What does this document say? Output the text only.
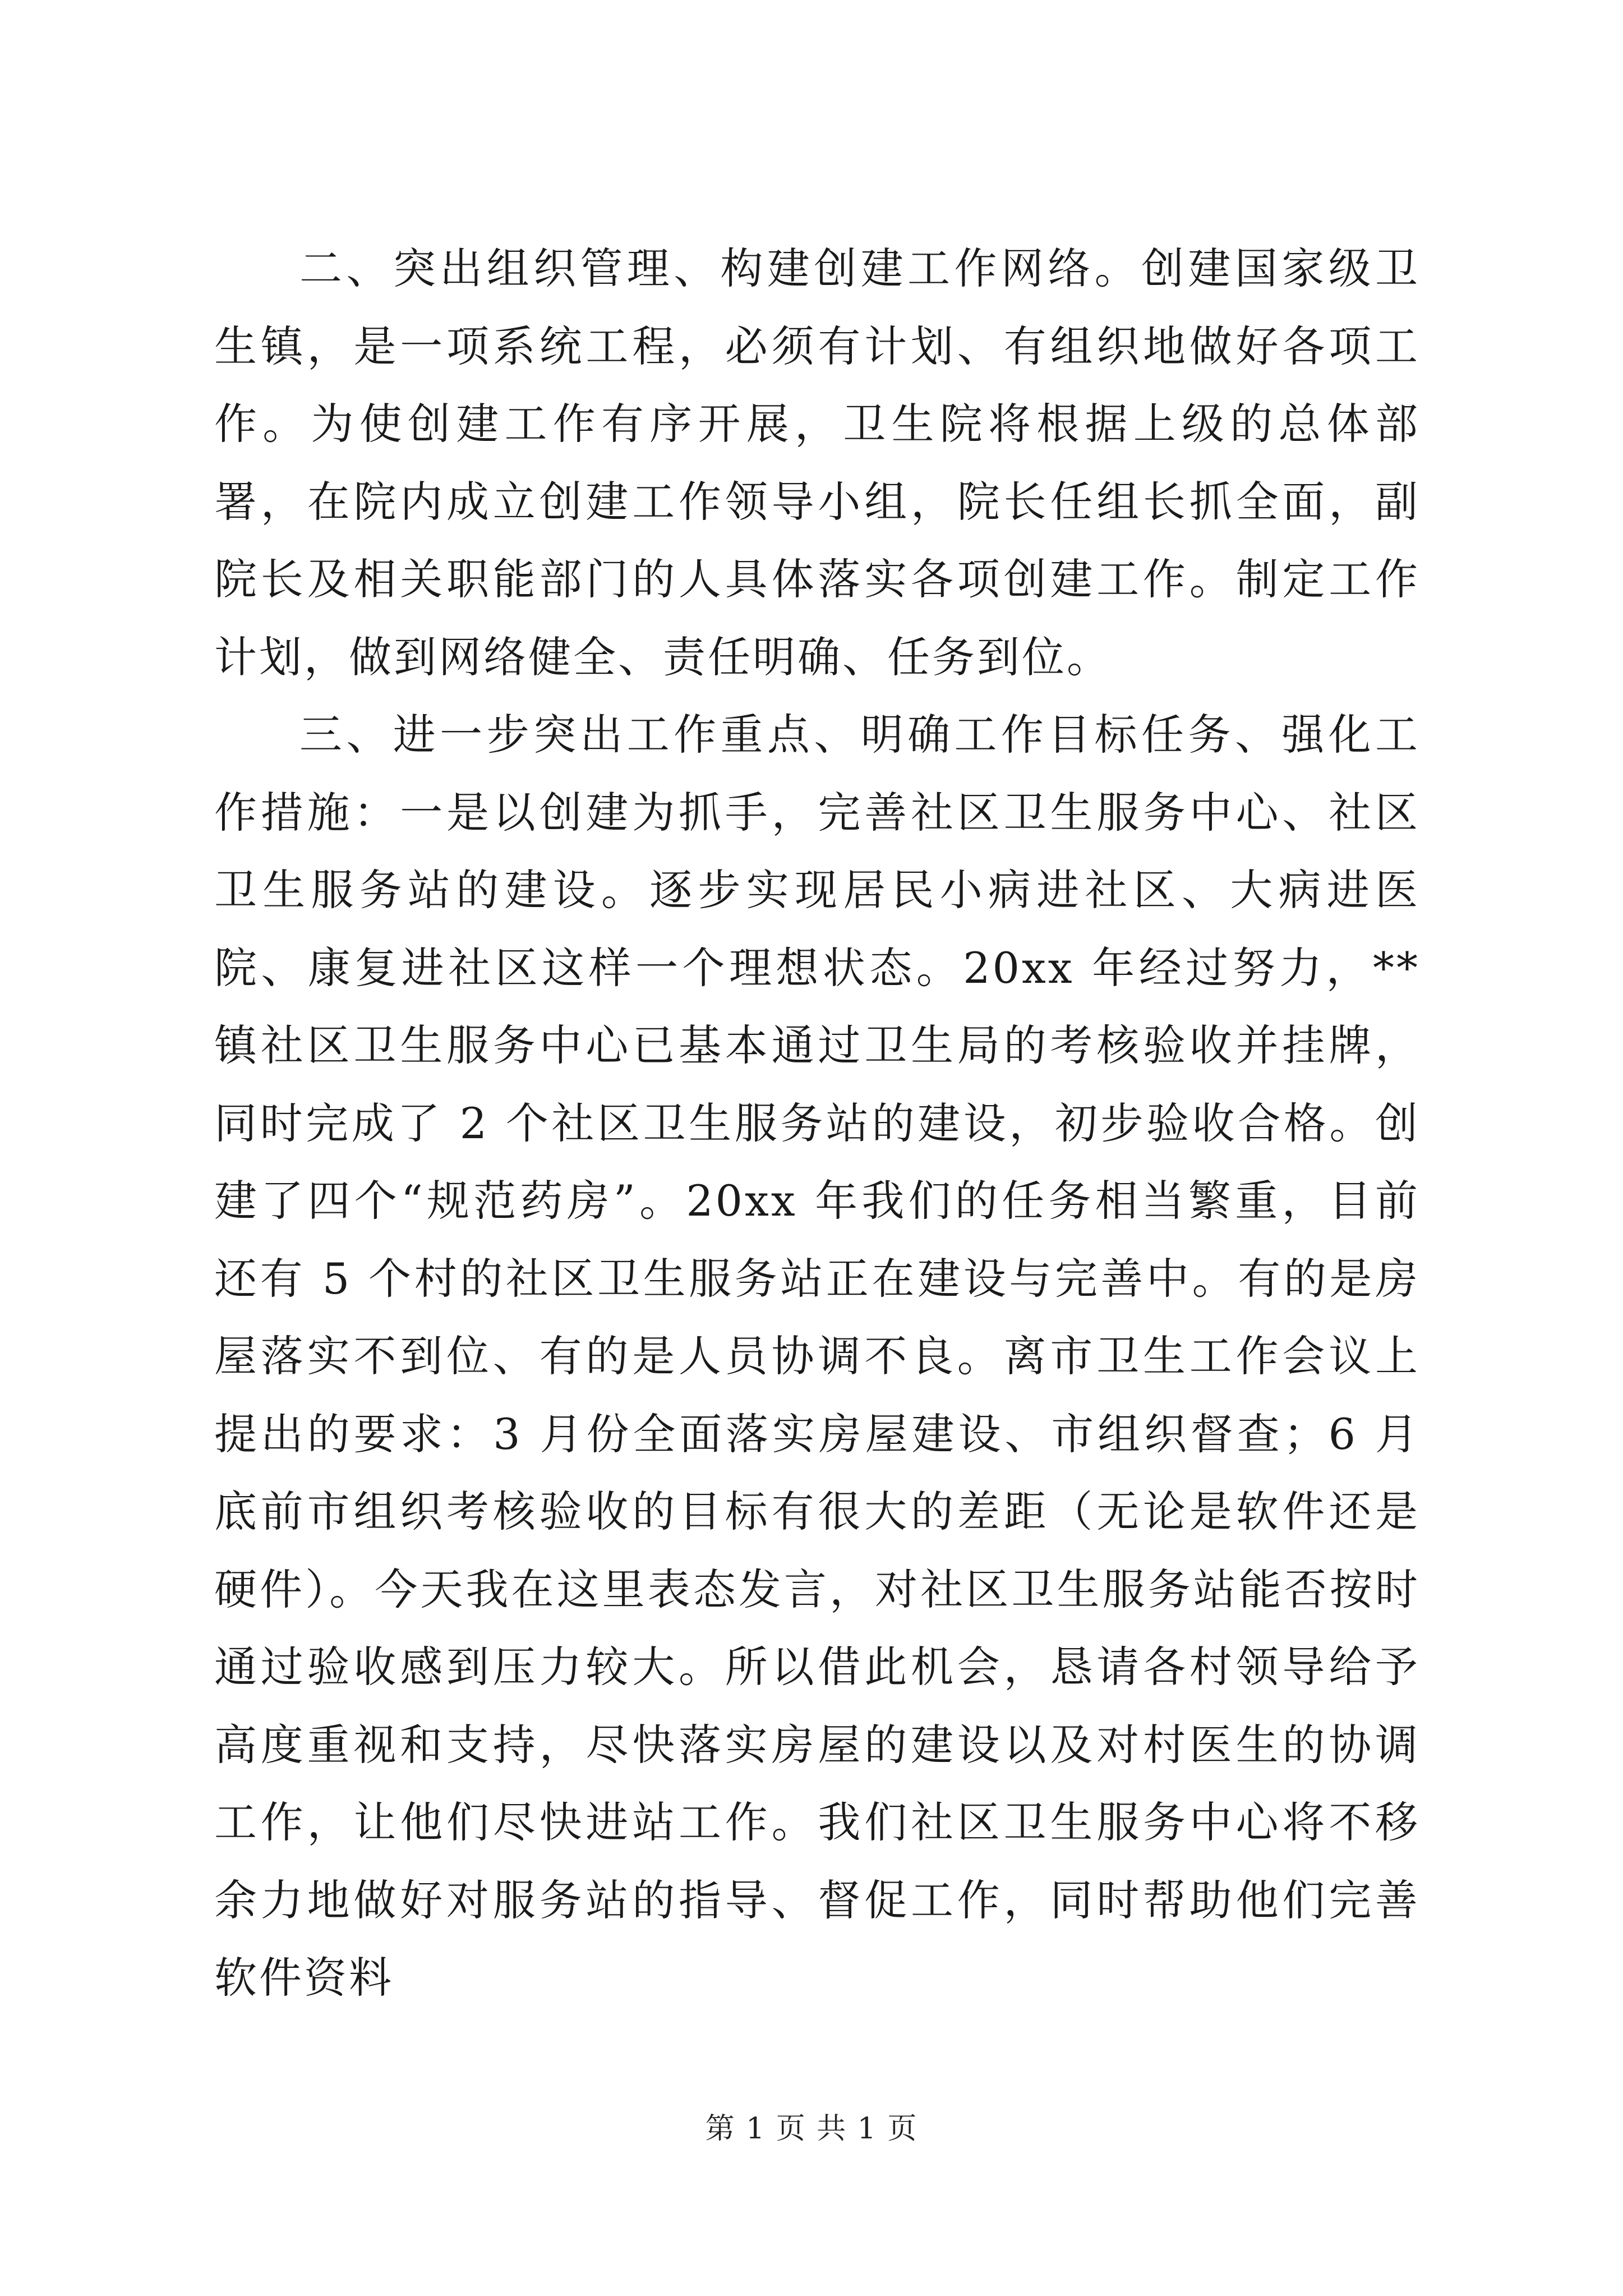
二、突出组织管理、构建创建工作网络。创建国家级卫生镇，是一项系统工程，必须有计划、有组织地做好各项工作。为使创建工作有序开展，卫生院将根据上级的总体部署，在院内成立创建工作领导小组，院长任组长抓全面，副院长及相关职能部门的人具体落实各项创建工作。制定工作计划，做到网络健全、责任明确、任务到位。

三、进一步突出工作重点、明确工作目标任务、强化工作措施：一是以创建为抓手，完善社区卫生服务中心、社区卫生服务站的建设。逐步实现居民小病进社区、大病进医院、康复进社区这样一个理想状态。20xx 年经过努力，**镇社区卫生服务中心已基本通过卫生局的考核验收并挂牌，同时完成了 2 个社区卫生服务站的建设，初步验收合格。创建了四个“规范药房”。20xx 年我们的任务相当繁重，目前还有 5 个村的社区卫生服务站正在建设与完善中。有的是房屋落实不到位、有的是人员协调不良。离市卫生工作会议上提出的要求：3 月份全面落实房屋建设、市组织督查；6 月底前市组织考核验收的目标有很大的差距（无论是软件还是硬件）。今天我在这里表态发言，对社区卫生服务站能否按时通过验收感到压力较大。所以借此机会，恳请各村领导给予高度重视和支持，尽快落实房屋的建设以及对村医生的协调工作，让他们尽快进站工作。我们社区卫生服务中心将不移余力地做好对服务站的指导、督促工作，同时帮助他们完善软件资料

第 1 页 共 1 页
